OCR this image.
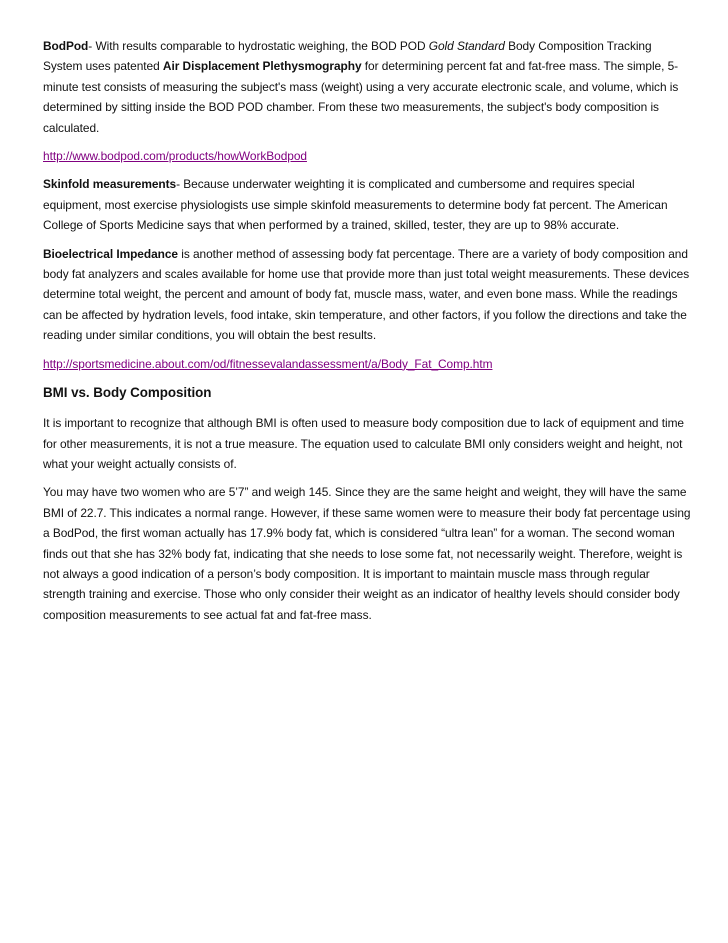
BodPod- With results comparable to hydrostatic weighing, the BOD POD Gold Standard Body Composition Tracking System uses patented Air Displacement Plethysmography for determining percent fat and fat-free mass. The simple, 5-minute test consists of measuring the subject's mass (weight) using a very accurate electronic scale, and volume, which is determined by sitting inside the BOD POD chamber. From these two measurements, the subject's body composition is calculated.

http://www.bodpod.com/products/howWorkBodpod

Skinfold measurements- Because underwater weighting it is complicated and cumbersome and requires special equipment, most exercise physiologists use simple skinfold measurements to determine body fat percent. The American College of Sports Medicine says that when performed by a trained, skilled, tester, they are up to 98% accurate.

Bioelectrical Impedance is another method of assessing body fat percentage. There are a variety of body composition and body fat analyzers and scales available for home use that provide more than just total weight measurements. These devices determine total weight, the percent and amount of body fat, muscle mass, water, and even bone mass. While the readings can be affected by hydration levels, food intake, skin temperature, and other factors, if you follow the directions and take the reading under similar conditions, you will obtain the best results.

http://sportsmedicine.about.com/od/fitnessevalandassessment/a/Body_Fat_Comp.htm

BMI vs. Body Composition

It is important to recognize that although BMI is often used to measure body composition due to lack of equipment and time for other measurements, it is not a true measure. The equation used to calculate BMI only considers weight and height, not what your weight actually consists of.

You may have two women who are 5’7” and weigh 145. Since they are the same height and weight, they will have the same BMI of 22.7. This indicates a normal range. However, if these same women were to measure their body fat percentage using a BodPod, the first woman actually has 17.9% body fat, which is considered “ultra lean” for a woman. The second woman finds out that she has 32% body fat, indicating that she needs to lose some fat, not necessarily weight. Therefore, weight is not always a good indication of a person’s body composition. It is important to maintain muscle mass through regular strength training and exercise. Those who only consider their weight as an indicator of healthy levels should consider body composition measurements to see actual fat and fat-free mass.
